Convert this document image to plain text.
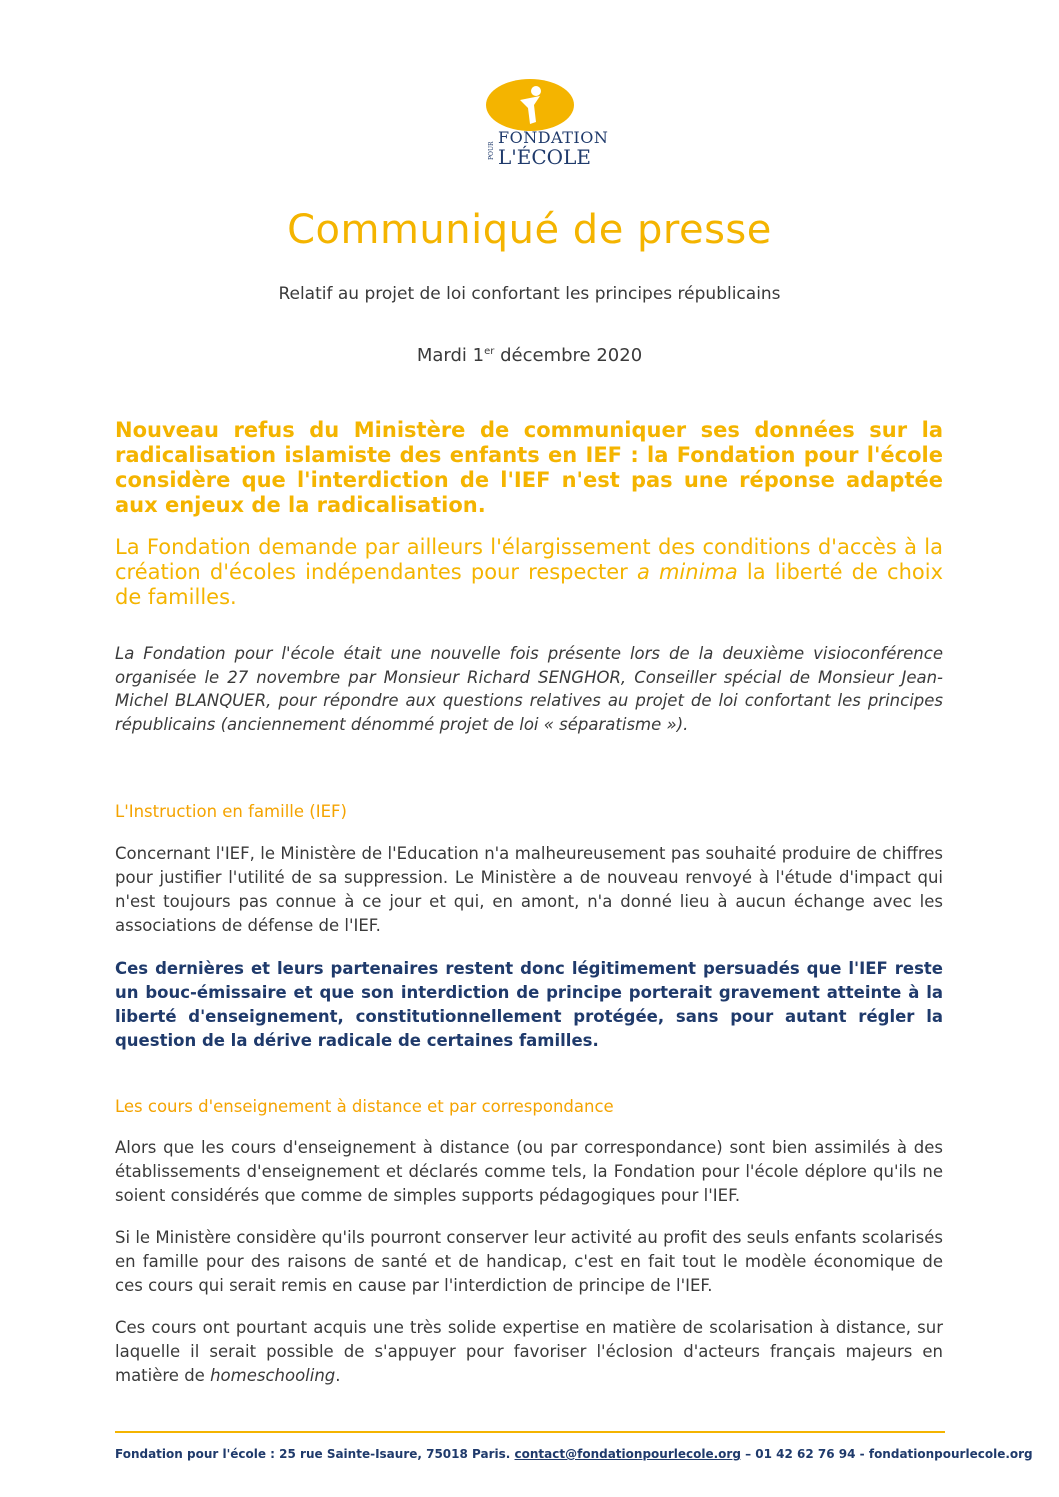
POUR
FONDATION
L'ÉCOLE
Communiqué de presse
Relatif au projet de loi confortant les principes républicains
Mardi 1er décembre 2020
Nouveau refus du Ministère de communiquer ses données sur la radicalisation islamiste des enfants en IEF : la Fondation pour l'école considère que l'interdiction de l'IEF n'est pas une réponse adaptée aux enjeux de la radicalisation.
La Fondation demande par ailleurs l'élargissement des conditions d'accès à la création d'écoles indépendantes pour respecter a minima la liberté de choix de familles.
La Fondation pour l'école était une nouvelle fois présente lors de la deuxième visioconférence organisée le 27 novembre par Monsieur Richard SENGHOR, Conseiller spécial de Monsieur Jean-Michel BLANQUER, pour répondre aux questions relatives au projet de loi confortant les principes républicains (anciennement dénommé projet de loi « séparatisme »).
L'Instruction en famille (IEF)
Concernant l'IEF, le Ministère de l'Education n'a malheureusement pas souhaité produire de chiffres pour justifier l'utilité de sa suppression. Le Ministère a de nouveau renvoyé à l'étude d'impact qui n'est toujours pas connue à ce jour et qui, en amont, n'a donné lieu à aucun échange avec les associations de défense de l'IEF.
Ces dernières et leurs partenaires restent donc légitimement persuadés que l'IEF reste un bouc-émissaire et que son interdiction de principe porterait gravement atteinte à la liberté d'enseignement, constitutionnellement protégée, sans pour autant régler la question de la dérive radicale de certaines familles.
Les cours d'enseignement à distance et par correspondance
Alors que les cours d'enseignement à distance (ou par correspondance) sont bien assimilés à des établissements d'enseignement et déclarés comme tels, la Fondation pour l'école déplore qu'ils ne soient considérés que comme de simples supports pédagogiques pour l'IEF.
Si le Ministère considère qu'ils pourront conserver leur activité au profit des seuls enfants scolarisés en famille pour des raisons de santé et de handicap, c'est en fait tout le modèle économique de ces cours qui serait remis en cause par l'interdiction de principe de l'IEF.
Ces cours ont pourtant acquis une très solide expertise en matière de scolarisation à distance, sur laquelle il serait possible de s'appuyer pour favoriser l'éclosion d'acteurs français majeurs en matière de homeschooling.
Fondation pour l'école : 25 rue Sainte-Isaure, 75018 Paris. contact@fondationpourlecole.org – 01 42 62 76 94 - fondationpourlecole.org
